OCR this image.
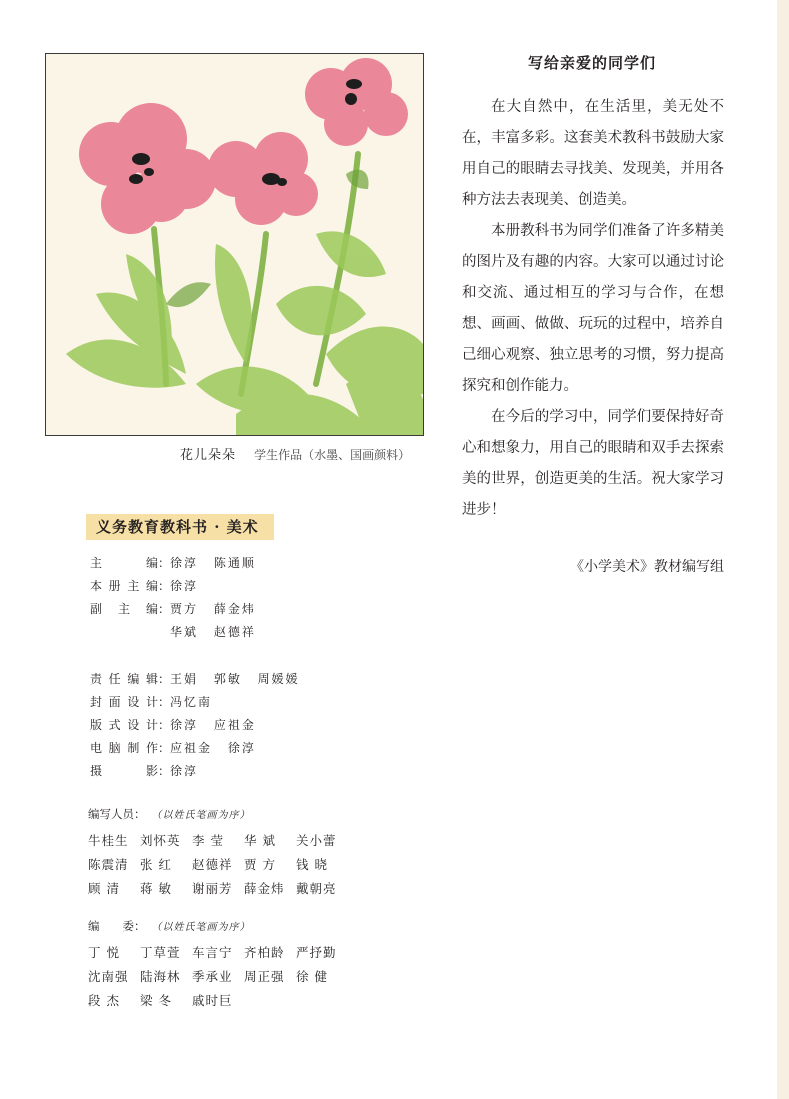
花儿朵朵 学生作品（水墨、国画颜料）
写给亲爱的同学们

在大自然中，在生活里，美无处不在，丰富多彩。这套美术教科书鼓励大家用自己的眼睛去寻找美、发现美，并用各种方法去表现美、创造美。

本册教科书为同学们准备了许多精美的图片及有趣的内容。大家可以通过讨论和交流、通过相互的学习与合作，在想想、画画、做做、玩玩的过程中，培养自己细心观察、独立思考的习惯，努力提高探究和创作能力。

在今后的学习中，同学们要保持好奇心和想象力，用自己的眼睛和双手去探索美的世界，创造更美的生活。祝大家学习进步！

《小学美术》教材编写组
义务教育教科书 · 美术
主编 ： 徐淳 陈通顺
本册主编 ： 徐淳
副主编 ： 贾方 薛金炜
华斌 赵德祥
责任编辑 ： 王娟 郭敏 周媛媛
封面设计 ： 冯忆南
版式设计 ： 徐淳 应祖金
电脑制作 ： 应祖金 徐淳
摄影 ： 徐淳
编写人员： （以姓氏笔画为序）
牛桂生 刘怀英 李 莹	华 斌	关小蕾
陈震清 张 红	赵德祥 贾 方	钱 晓
顾 清	蒋 敏	谢丽芳 薛金炜 戴朝亮
编　　委： （以姓氏笔画为序）
丁 悦	丁草萱 车言宁 齐柏龄 严抒勤
沈南强 陆海林 季承业 周正强 徐 健
段 杰	梁 冬	戚时巨
